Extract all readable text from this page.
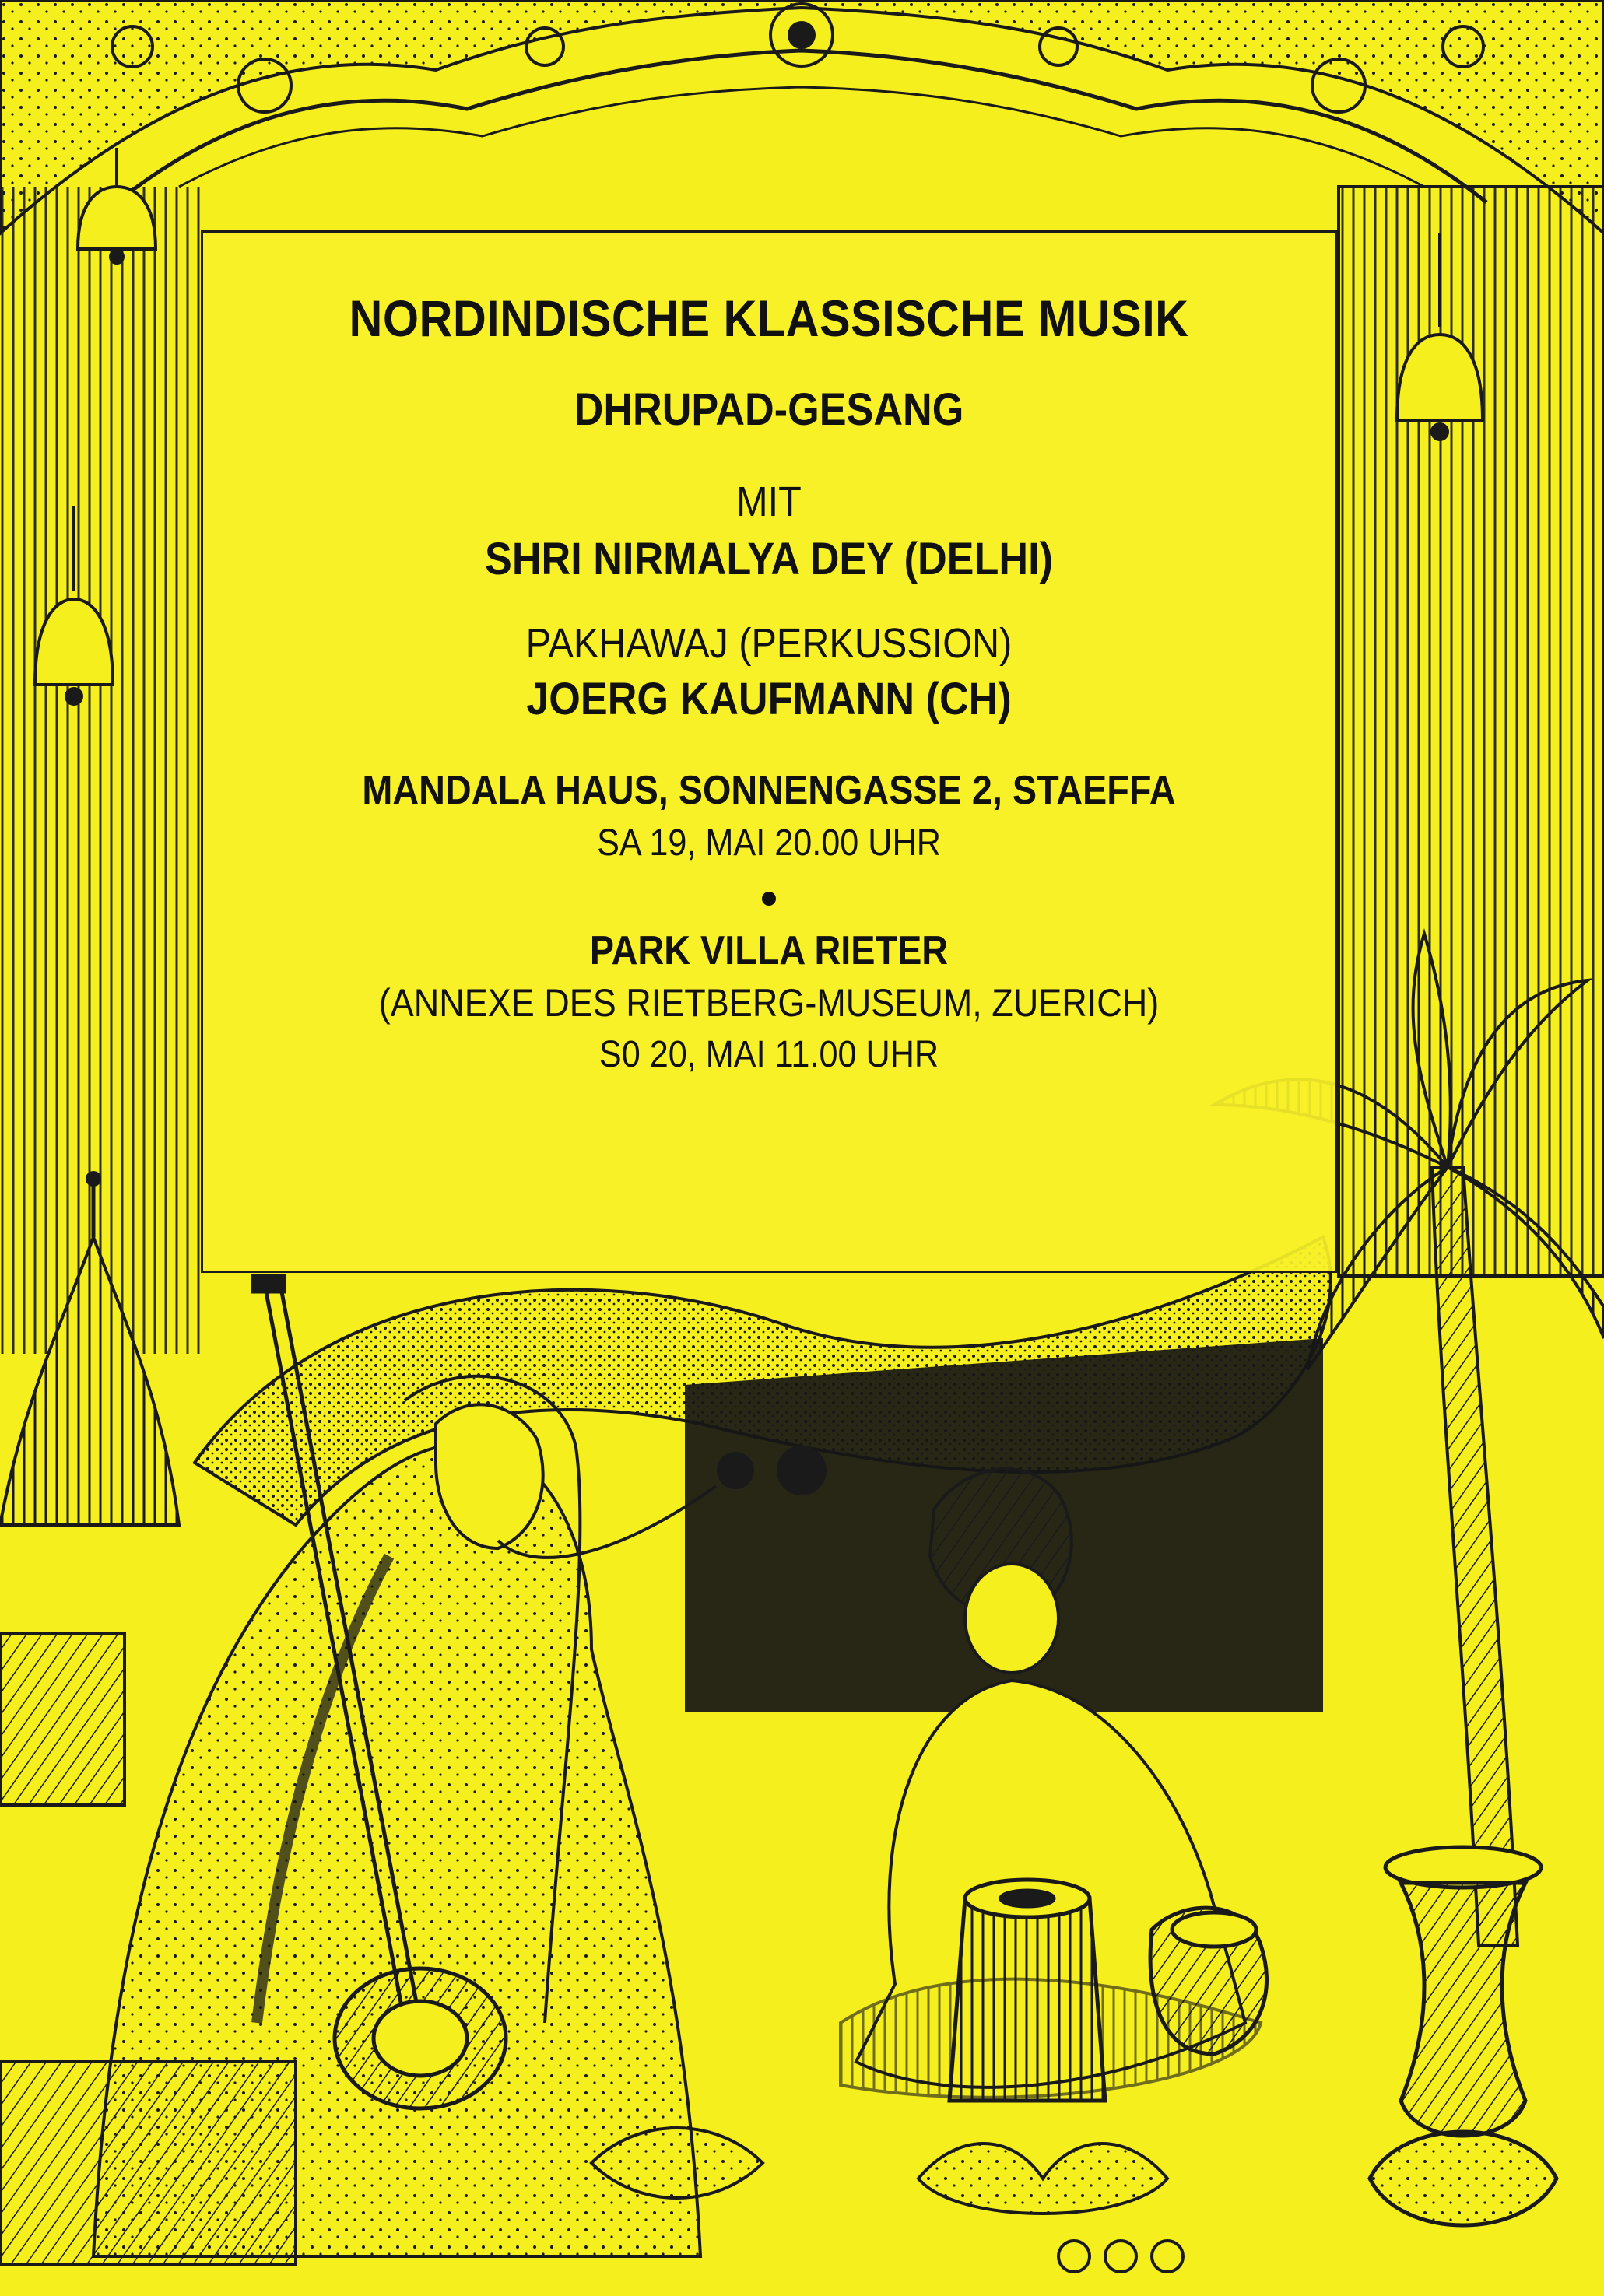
NORDINDISCHE KLASSISCHE MUSIK
DHRUPAD-GESANG
MIT
SHRI NIRMALYA DEY (DELHI)
PAKHAWAJ (PERKUSSION)
JOERG KAUFMANN (CH)
MANDALA HAUS, SONNENGASSE 2, STAEFFA
SA 19, MAI 20.00 UHR
PARK VILLA RIETER
(ANNEXE DES RIETBERG-MUSEUM, ZUERICH)
S0 20, MAI 11.00 UHR
